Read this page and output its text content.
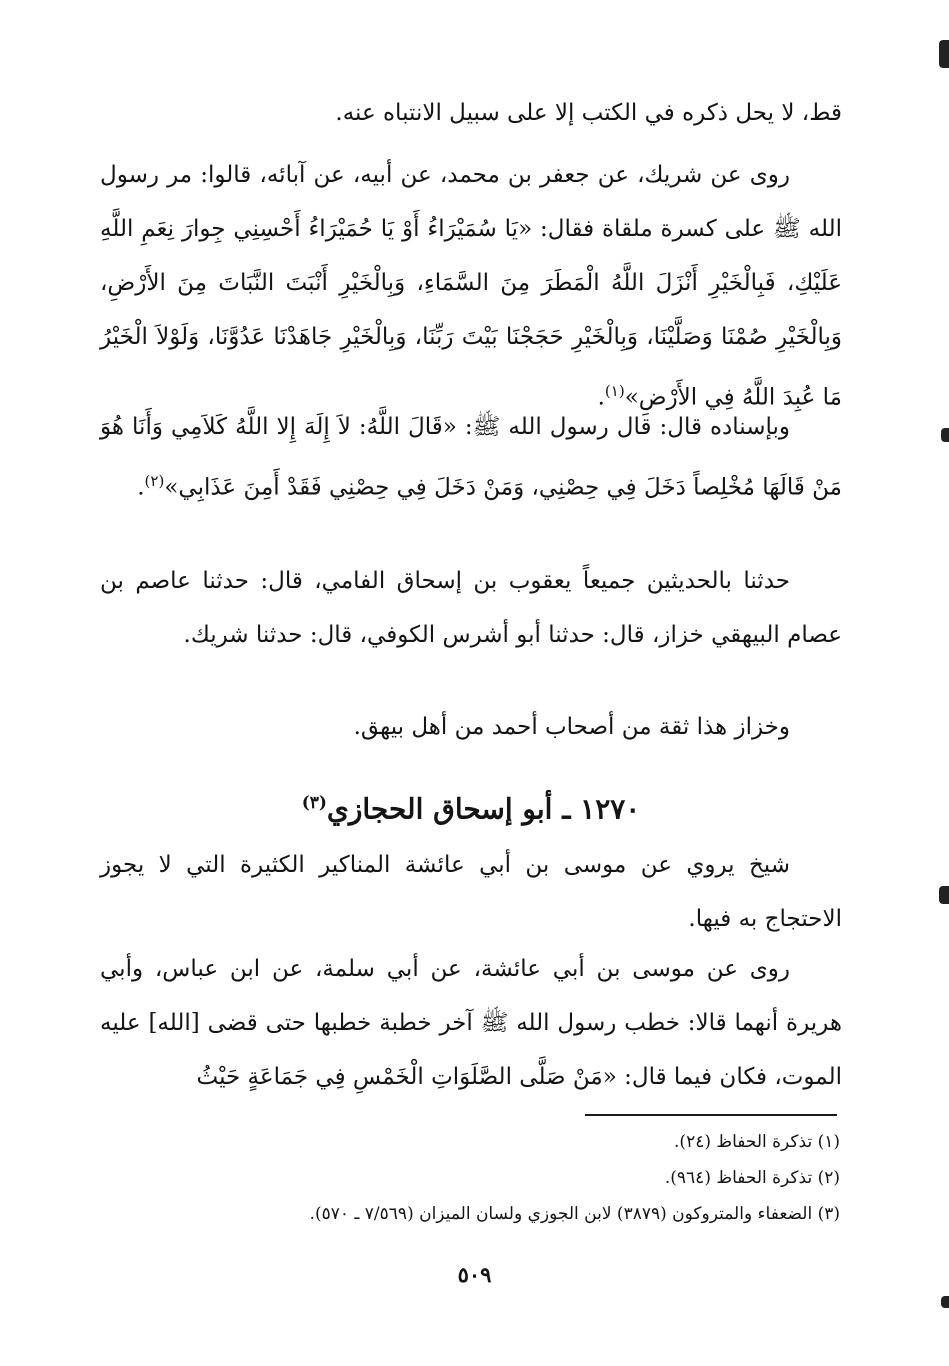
قط، لا يحل ذكره في الكتب إلا على سبيل الانتباه عنه.

روى عن شريك، عن جعفر بن محمد، عن أبيه، عن آبائه، قالوا: مر رسول الله ﷺ على كسرة ملقاة فقال: «يَا سُمَيْرَاءُ أَوْ يَا حُمَيْرَاءُ أَحْسِنِي جِوارَ نِعَمِ اللَّهِ عَلَيْكِ، فَبِالْخَيْرِ أَنْزَلَ اللَّهُ الْمَطَرَ مِنَ السَّمَاءِ، وَبِالْخَيْرِ أَنْبَتَ النَّبَاتَ مِنَ الأَرْضِ، وَبِالْخَيْرِ صُمْنَا وَصَلَّيْنَا، وَبِالْخَيْرِ حَجَجْنَا بَيْتَ رَبِّنَا، وَبِالْخَيْرِ جَاهَدْنَا عَدُوَّنَا، وَلَوْلاَ الْخَيْرُ مَا عُبِدَ اللَّهُ فِي الأَرْضِ»$^{(١)}$.

وبإسناده قال: قال رسول الله ﷺ: «قَالَ اللَّهُ: لاَ إِلَهَ إِلا اللَّهُ كَلاَمِي وَأَنَا هُوَ مَنْ قَالَهَا مُخْلِصاً دَخَلَ فِي حِصْنِي، وَمَنْ دَخَلَ فِي حِصْنِي فَقَدْ أَمِنَ عَذَابِي»$^{(٢)}$.

حدثنا بالحديثين جميعاً يعقوب بن إسحاق الفامي، قال: حدثنا عاصم بن عصام البيهقي خزاز، قال: حدثنا أبو أشرس الكوفي، قال: حدثنا شريك.

وخزاز هذا ثقة من أصحاب أحمد من أهل بيهق.

١٢٧٠ ـ أبو إسحاق الحجازي$^{(٣)}$

شيخ يروي عن موسى بن أبي عائشة المناكير الكثيرة التي لا يجوز الاحتجاج به فيها.

روى عن موسى بن أبي عائشة، عن أبي سلمة، عن ابن عباس، وأبي هريرة أنهما قالا: خطب رسول الله ﷺ آخر خطبة خطبها حتى قضى [الله] عليه الموت، فكان فيما قال: «مَنْ صَلَّى الصَّلَوَاتِ الْخَمْسِ فِي جَمَاعَةٍ حَيْثُ

(١) تذكرة الحفاظ (٢٤).
(٢) تذكرة الحفاظ (٩٦٤).
(٣) الضعفاء والمتروكون (٣٨٧٩) لابن الجوزي ولسان الميزان (٧/٥٦٩ ـ ٥٧٠).
٥٠٩
